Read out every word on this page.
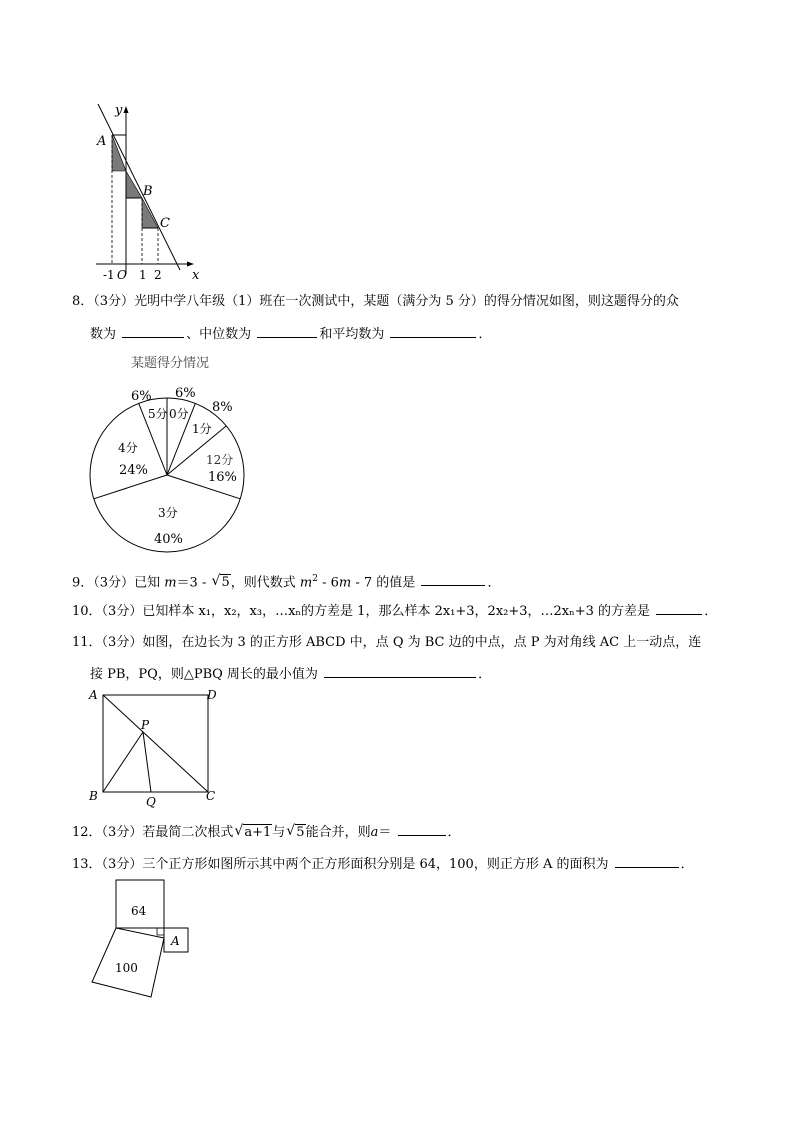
y
A
B
C
-1 O 1 2 x
8．（3分）光明中学八年级（1）班在一次测试中，某题（满分为 5 分）的得分情况如图，则这题得分的众
数为	、中位数为	和平均数为	．
某题得分情况
6%
0分 8%
1分
12分
16%
3分
40%
4分
24%
6%
5分
9．（3分）已知 m＝3 - √ 5，则代数式 $m^2 - 6m - 7$ 的值是	．
10．（3分）已知样本 x₁，x₂，x₃，…xₙ的方差是 1，那么样本 2x₁+3，2x₂+3，…2xₙ+3 的方差是	．
11．（3分）如图，在边长为 3 的正方形 ABCD 中，点 Q 为 BC 边的中点，点 P 为对角线 AC 上一动点，连
接 PB，PQ，则△PBQ 周长的最小值为	．
A	D
P
B	Q	C
12．（3分）若最简二次根式 √ a+1与 √ 5能合并，则a＝	．
13．（3分）三个正方形如图所示其中两个正方形面积分别是 64，100，则正方形 A 的面积为	．
64
100
A
